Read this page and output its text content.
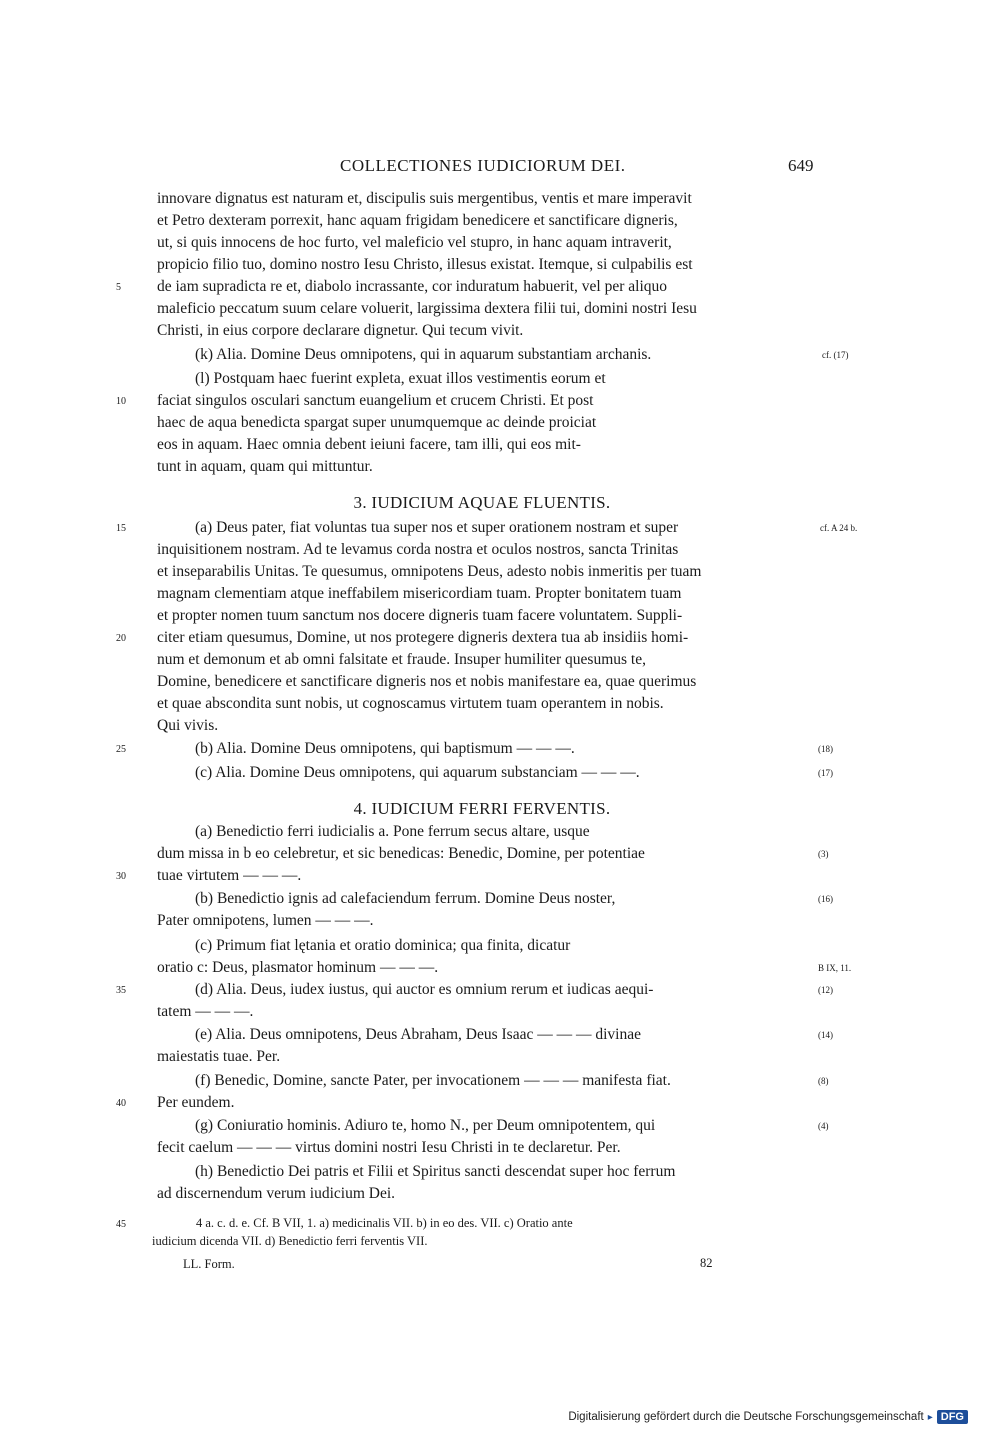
COLLECTIONES IUDICIORUM DEI.	649
innovare dignatus est naturam et, discipulis suis mergentibus, ventis et mare imperavit
et Petro dexteram porrexit, hanc aquam frigidam benedicere et sanctificare digneris,
ut, si quis innocens de hoc furto, vel maleficio vel stupro, in hanc aquam intraverit,
propicio filio tuo, domino nostro Iesu Christo, illesus existat. Itemque, si culpabilis est
de iam supradicta re et, diabolo incrassante, cor induratum habuerit, vel per aliquo
5
maleficio peccatum suum celare voluerit, largissima dextera filii tui, domini nostri Iesu
Christi, in eius corpore declarare dignetur. Qui tecum vivit.
(k) Alia. Domine Deus omnipotens, qui in aquarum substantiam archanis.	cf. (17)
(l) Postquam haec fuerint expleta, exuat illos vestimentis eorum et
faciat singulos osculari sanctum euangelium et crucem Christi. Et post
10
haec de aqua benedicta spargat super unumquemque ac deinde proiciat
eos in aquam. Haec omnia debent ieiuni facere, tam illi, qui eos mit-
tunt in aquam, quam qui mittuntur.
3. IUDICIUM AQUAE FLUENTIS.
(a) Deus pater, fiat voluntas tua super nos et super orationem nostram et super
15	cf. A 24 b.
inquisitionem nostram. Ad te levamus corda nostra et oculos nostros, sancta Trinitas
et inseparabilis Unitas. Te quesumus, omnipotens Deus, adesto nobis inmeritis per tuam
magnam clementiam atque ineffabilem misericordiam tuam. Propter bonitatem tuam
et propter nomen tuum sanctum nos docere digneris tuam facere voluntatem. Suppli-
citer etiam quesumus, Domine, ut nos protegere digneris dextera tua ab insidiis homi-
20
num et demonum et ab omni falsitate et fraude. Insuper humiliter quesumus te,
Domine, benedicere et sanctificare digneris nos et nobis manifestare ea, quae querimus
et quae abscondita sunt nobis, ut cognoscamus virtutem tuam operantem in nobis.
Qui vivis.
(b) Alia. Domine Deus omnipotens, qui baptismum — — —.
25	(18)
(c) Alia. Domine Deus omnipotens, qui aquarum substanciam — — —.	(17)
4. IUDICIUM FERRI FERVENTIS.
(a) Benedictio ferri iudicialis a. Pone ferrum secus altare, usque
dum missa in b eo celebretur, et sic benedicas: Benedic, Domine, per potentiae	(3)
tuae virtutem — — —.
30
(b) Benedictio ignis ad calefaciendum ferrum. Domine Deus noster,	(16)
Pater omnipotens, lumen — — —.
(c) Primum fiat lętania et oratio dominica; qua finita, dicatur
oratio c: Deus, plasmator hominum — — —.	B IX, 11.
(d) Alia. Deus, iudex iustus, qui auctor es omnium rerum et iudicas aequi-
35	(12)
tatem — — —.
(e) Alia. Deus omnipotens, Deus Abraham, Deus Isaac — — — divinae	(14)
maiestatis tuae. Per.
(f) Benedic, Domine, sancte Pater, per invocationem — — — manifesta fiat.	(8)
Per eundem.
40
(g) Coniuratio hominis. Adiuro te, homo N., per Deum omnipotentem, qui	(4)
fecit caelum — — — virtus domini nostri Iesu Christi in te declaretur. Per.
(h) Benedictio Dei patris et Filii et Spiritus sancti descendat super hoc ferrum
ad discernendum verum iudicium Dei.
45	4 a. c. d. e. Cf. B VII, 1. a) medicinalis VII. b) in eo des. VII. c) Oratio ante
iudicium dicenda VII. d) Benedictio ferri ferventis VII.
LL. Form.	82
Digitalisierung gefördert durch die Deutsche Forschungsgemeinschaft ▸ DFG
